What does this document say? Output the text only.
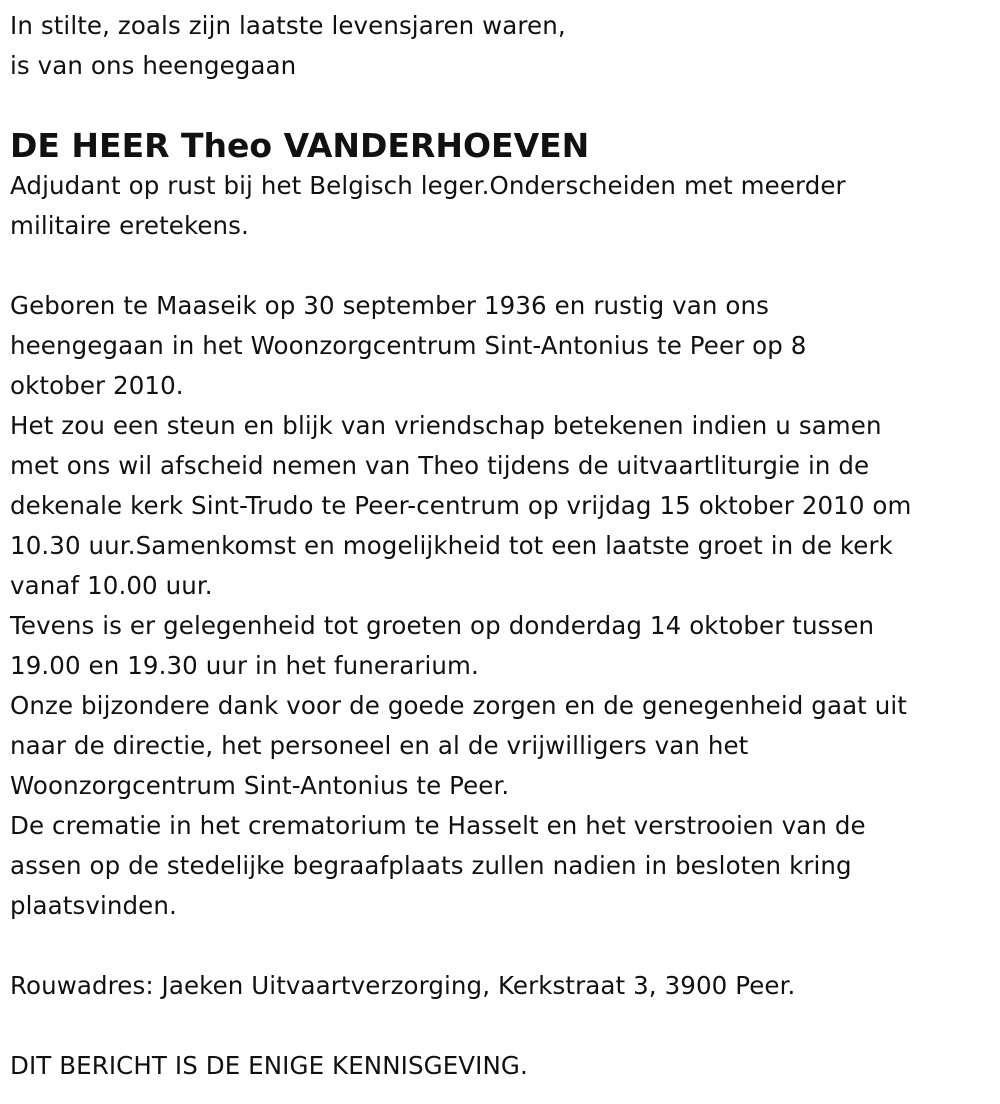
In stilte, zoals zijn laatste levensjaren waren,
is van ons heengegaan
DE HEER Theo VANDERHOEVEN
Adjudant op rust bij het Belgisch leger.Onderscheiden met meerder
militaire eretekens.
Geboren te Maaseik op 30 september 1936 en rustig van ons
heengegaan in het Woonzorgcentrum Sint-Antonius te Peer op 8
oktober 2010.
Het zou een steun en blijk van vriendschap betekenen indien u samen
met ons wil afscheid nemen van Theo tijdens de uitvaartliturgie in de
dekenale kerk Sint-Trudo te Peer-centrum op vrijdag 15 oktober 2010 om
10.30 uur.Samenkomst en mogelijkheid tot een laatste groet in de kerk
vanaf 10.00 uur.
Tevens is er gelegenheid tot groeten op donderdag 14 oktober tussen
19.00 en 19.30 uur in het funerarium.
Onze bijzondere dank voor de goede zorgen en de genegenheid gaat uit
naar de directie, het personeel en al de vrijwilligers van het
Woonzorgcentrum Sint-Antonius te Peer.
De crematie in het crematorium te Hasselt en het verstrooien van de
assen op de stedelijke begraafplaats zullen nadien in besloten kring
plaatsvinden.
Rouwadres: Jaeken Uitvaartverzorging, Kerkstraat 3, 3900 Peer.
DIT BERICHT IS DE ENIGE KENNISGEVING.
